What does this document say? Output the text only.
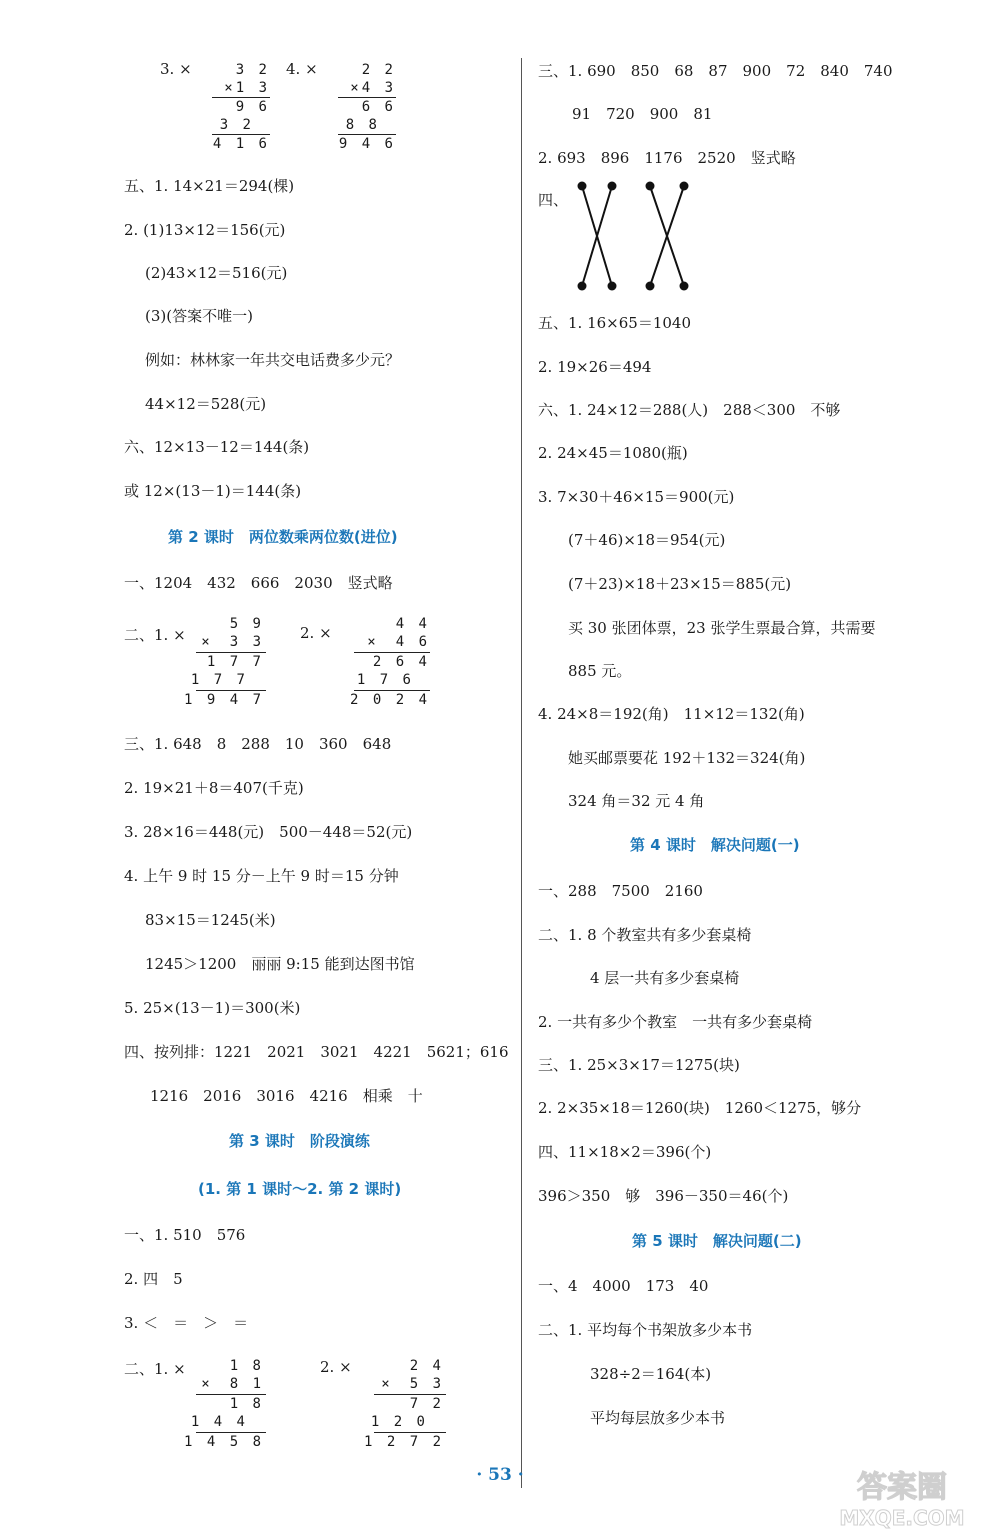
3. ×	3 2
×1 3
9 6
3 2
4 1 6
4. ×	2 2
×4 3
6 6
8 8
9 4 6
五、1. 14×21＝294(棵)
2. (1)13×12＝156(元)
(2)43×12＝516(元)
(3)(答案不唯一)
例如：林林家一年共交电话费多少元？
44×12＝528(元)
六、12×13－12＝144(条)
或 12×(13－1)＝144(条)
第 2 课时　两位数乘两位数(进位)
一、1204　432　666　2030　竖式略
二、1. ×
5 9
×　3 3
1 7 7
1 7 7
1 9 4 7
2. ×	4 4
×　4 6
2 6 4
1 7 6
2 0 2 4
三、1. 648　8　288　10　360　648
2. 19×21＋8＝407(千克)
3. 28×16＝448(元)　500－448＝52(元)
4. 上午 9 时 15 分－上午 9 时＝15 分钟
83×15＝1245(米)
1245＞1200　丽丽 9:15 能到达图书馆
5. 25×(13－1)＝300(米)
四、按列排：1221　2021　3021　4221　5621；616
1216　2016　3016　4216　相乘　十
第 3 课时　阶段演练
(1. 第 1 课时～2. 第 2 课时)
一、1. 510　576
2. 四　5
3. ＜　＝　＞　＝
二、1. ×	1 8
×　8 1
1 8
1 4 4
1 4 5 8
2. ×	2 4
×　5 3
7 2
1 2 0
1 2 7 2
三、1. 690　850　68　87　900　72　840　740
91　720　900　81
2. 693　896　1176　2520　竖式略
四、
五、1. 16×65＝1040
2. 19×26＝494
六、1. 24×12＝288(人)　288＜300　不够
2. 24×45＝1080(瓶)
3. 7×30＋46×15＝900(元)
(7＋46)×18＝954(元)
(7＋23)×18＋23×15＝885(元)
买 30 张团体票，23 张学生票最合算，共需要
885 元。
4. 24×8＝192(角)　11×12＝132(角)
她买邮票要花 192＋132＝324(角)
324 角＝32 元 4 角
第 4 课时　解决问题(一)
一、288　7500　2160
二、1. 8 个教室共有多少套桌椅
4 层一共有多少套桌椅
2. 一共有多少个教室　一共有多少套桌椅
三、1. 25×3×17＝1275(块)
2. 2×35×18＝1260(块)　1260＜1275，够分
四、11×18×2＝396(个)
396＞350　够　396－350＝46(个)
第 5 课时　解决问题(二)
一、4　4000　173　40
二、1. 平均每个书架放多少本书
328÷2＝164(本)
平均每层放多少本书
· 53 ·	答案圈
MXQE.COM
